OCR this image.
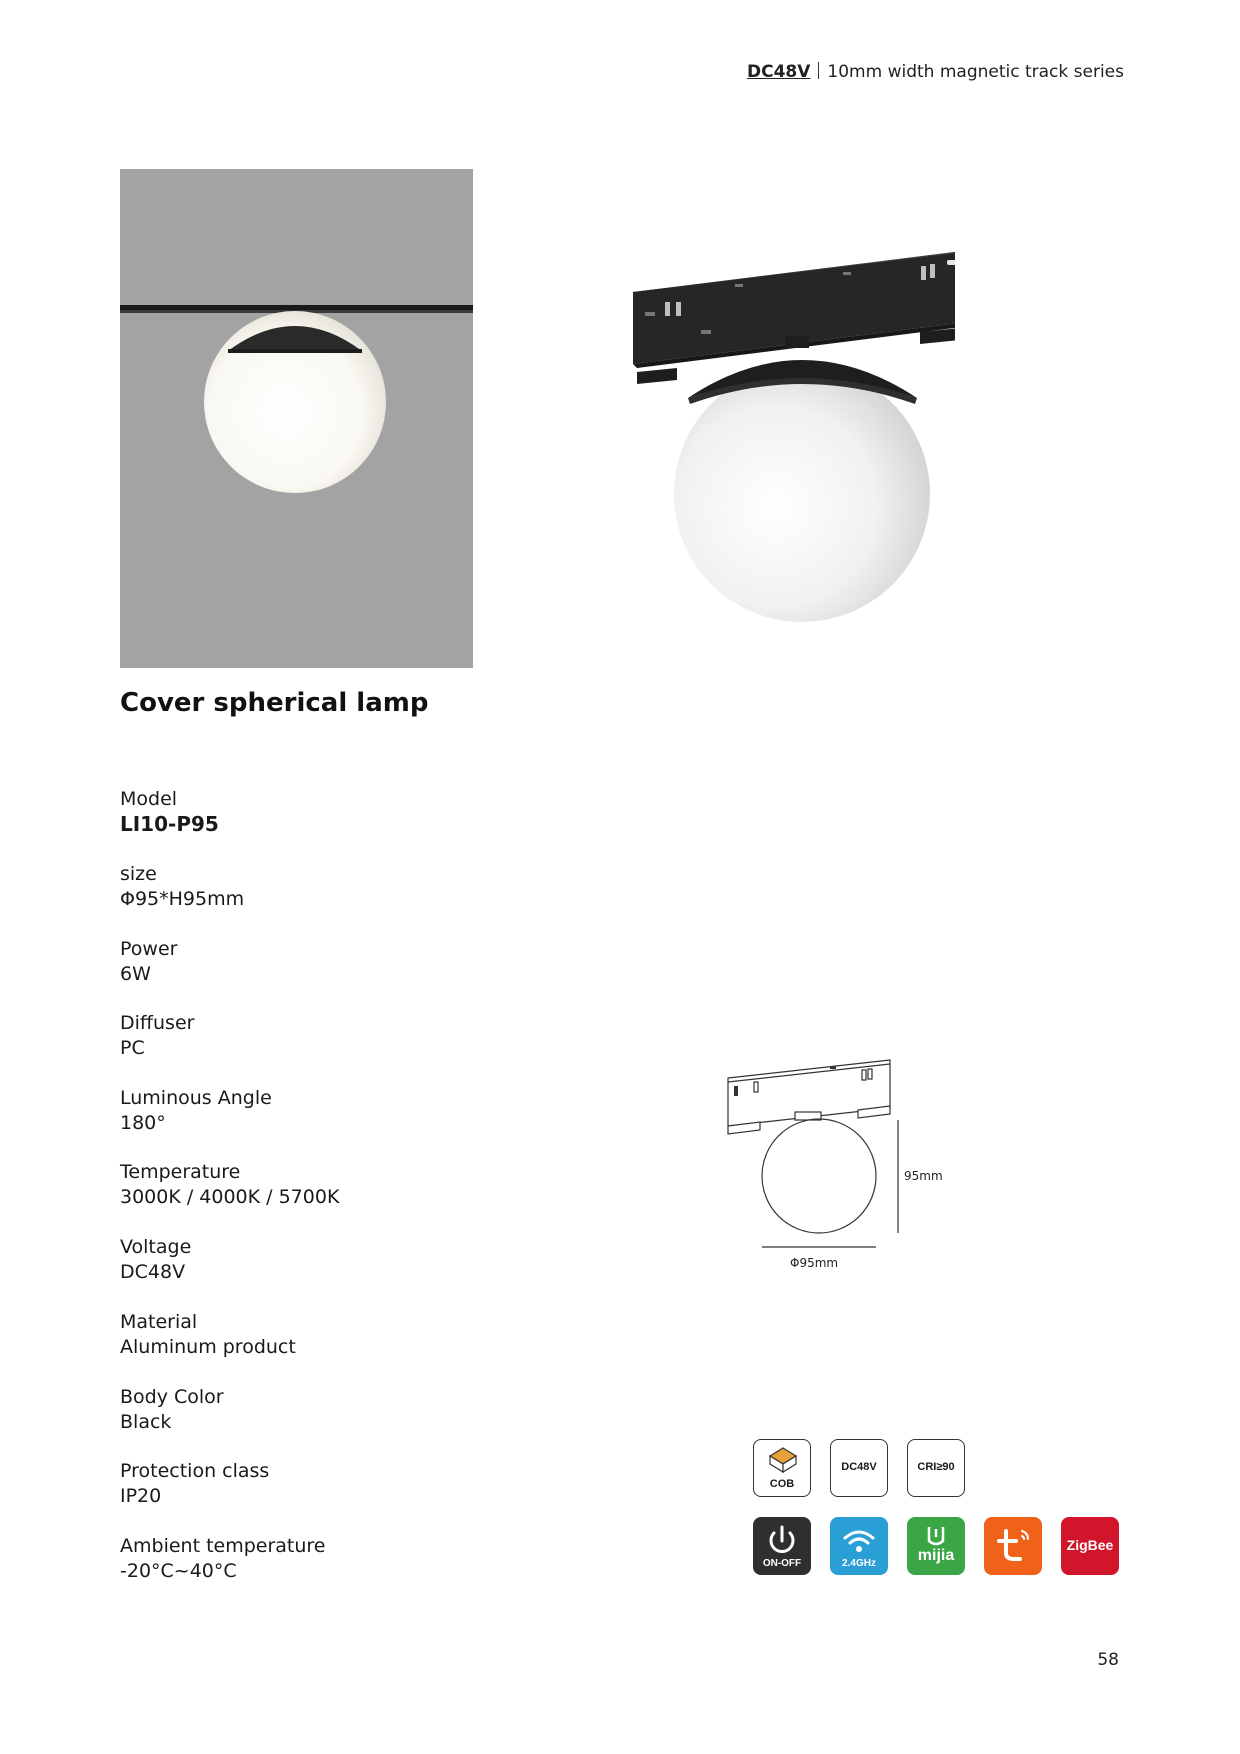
DC48V 10mm width magnetic track series
Cover spherical lamp
Model
LI10-P95
size
Φ95*H95mm
Power
6W
Diffuser
PC
Luminous Angle
180°
Temperature
3000K / 4000K / 5700K
Voltage
DC48V
Material
Aluminum product
Body Color
Black
Protection class
IP20
Ambient temperature
-20°C~40°C
95mm
Φ95mm
COB
DC48V	CRI≥90
ON-OFF	2.4GHz	mijia
ZigBee
58
